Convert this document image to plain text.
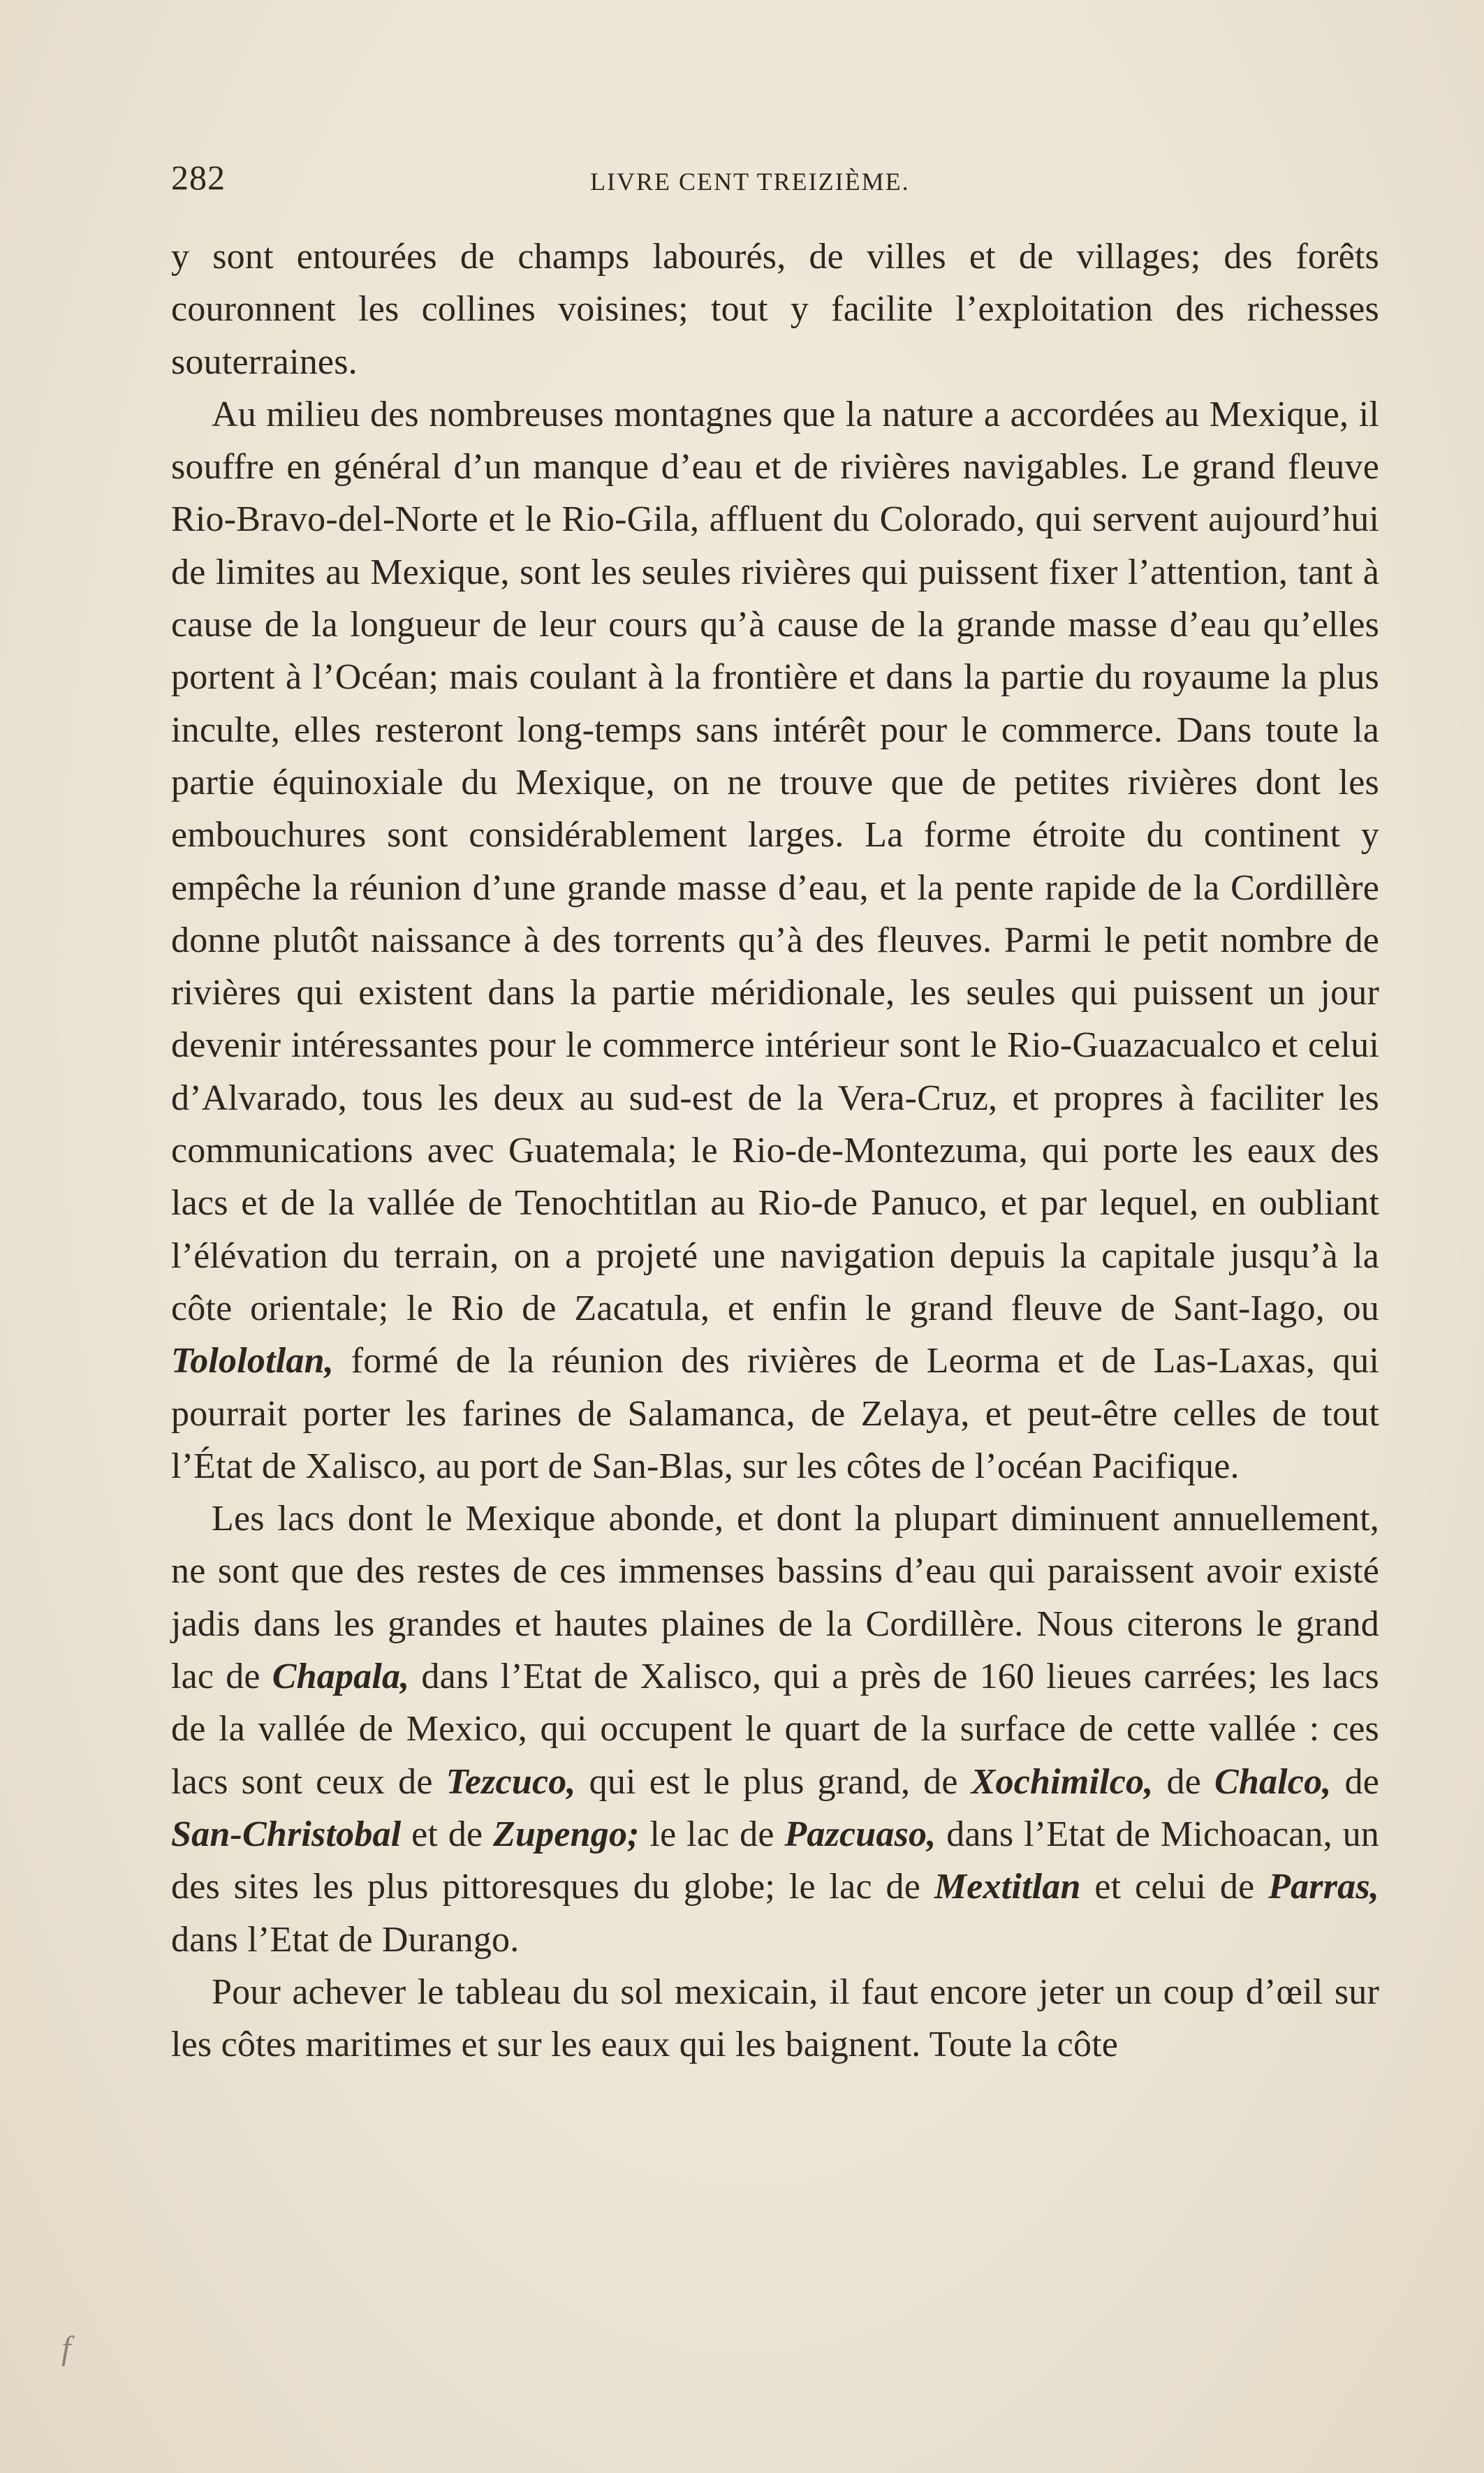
282	LIVRE CENT TREIZIÈME.

y sont entourées de champs labourés, de villes et de villages; des forêts couronnent les collines voisines; tout y facilite l’exploitation des richesses souterraines.

Au milieu des nombreuses montagnes que la nature a accordées au Mexique, il souffre en général d’un manque d’eau et de rivières navigables. Le grand fleuve Rio-Bravo-del-Norte et le Rio-Gila, affluent du Colorado, qui servent aujourd’hui de limites au Mexique, sont les seules rivières qui puissent fixer l’attention, tant à cause de la longueur de leur cours qu’à cause de la grande masse d’eau qu’elles portent à l’Océan; mais coulant à la frontière et dans la partie du royaume la plus inculte, elles resteront long-temps sans intérêt pour le commerce. Dans toute la partie équinoxiale du Mexique, on ne trouve que de petites rivières dont les embouchures sont considérablement larges. La forme étroite du continent y empêche la réunion d’une grande masse d’eau, et la pente rapide de la Cordillère donne plutôt naissance à des torrents qu’à des fleuves. Parmi le petit nombre de rivières qui existent dans la partie méridionale, les seules qui puissent un jour devenir intéressantes pour le commerce intérieur sont le Rio-Guazacualco et celui d’Alvarado, tous les deux au sud-est de la Vera-Cruz, et propres à faciliter les communications avec Guatemala; le Rio-de-Montezuma, qui porte les eaux des lacs et de la vallée de Tenochtitlan au Rio-de Panuco, et par lequel, en oubliant l’élévation du terrain, on a projeté une navigation depuis la capitale jusqu’à la côte orientale; le Rio de Zacatula, et enfin le grand fleuve de Sant-Iago, ou Tololotlan, formé de la réunion des rivières de Leorma et de Las-Laxas, qui pourrait porter les farines de Salamanca, de Zelaya, et peut-être celles de tout l’État de Xalisco, au port de San-Blas, sur les côtes de l’océan Pacifique.

Les lacs dont le Mexique abonde, et dont la plupart diminuent annuellement, ne sont que des restes de ces immenses bassins d’eau qui paraissent avoir existé jadis dans les grandes et hautes plaines de la Cordillère. Nous citerons le grand lac de Chapala, dans l’Etat de Xalisco, qui a près de 160 lieues carrées; les lacs de la vallée de Mexico, qui occupent le quart de la surface de cette vallée : ces lacs sont ceux de Tezcuco, qui est le plus grand, de Xochimilco, de Chalco, de San-Christobal et de Zupengo; le lac de Pazcuaso, dans l’Etat de Michoacan, un des sites les plus pittoresques du globe; le lac de Mextitlan et celui de Parras, dans l’Etat de Durango.

Pour achever le tableau du sol mexicain, il faut encore jeter un coup d’œil sur les côtes maritimes et sur les eaux qui les baignent. Toute la côte

f
